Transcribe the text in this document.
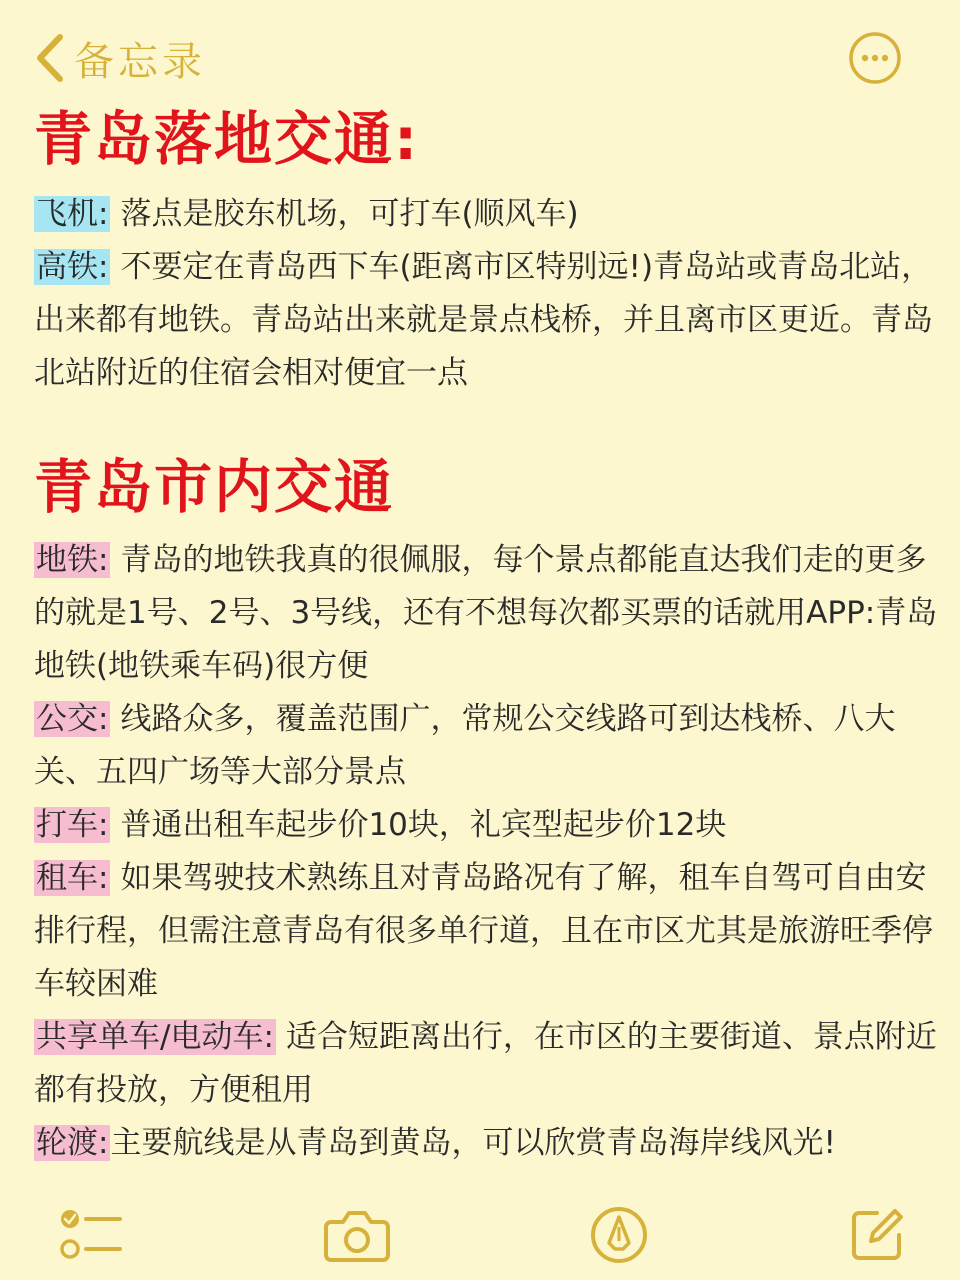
备忘录
青岛落地交通:

飞机: 落点是胶东机场，可打车(顺风车)

高铁: 不要定在青岛西下车(距离市区特别远!)青岛站或青岛北站，出来都有地铁。青岛站出来就是景点栈桥，并且离市区更近。青岛北站附近的住宿会相对便宜一点

青岛市内交通

地铁: 青岛的地铁我真的很佩服，每个景点都能直达我们走的更多的就是1号、2号、3号线，还有不想每次都买票的话就用APP:青岛地铁(地铁乘车码)很方便

公交: 线路众多，覆盖范围广，常规公交线路可到达栈桥、八大关、五四广场等大部分景点

打车: 普通出租车起步价10块，礼宾型起步价12块

租车: 如果驾驶技术熟练且对青岛路况有了解，租车自驾可自由安排行程，但需注意青岛有很多单行道，且在市区尤其是旅游旺季停车较困难

共享单车/电动车: 适合短距离出行，在市区的主要街道、景点附近都有投放，方便租用

轮渡:主要航线是从青岛到黄岛，可以欣赏青岛海岸线风光!
